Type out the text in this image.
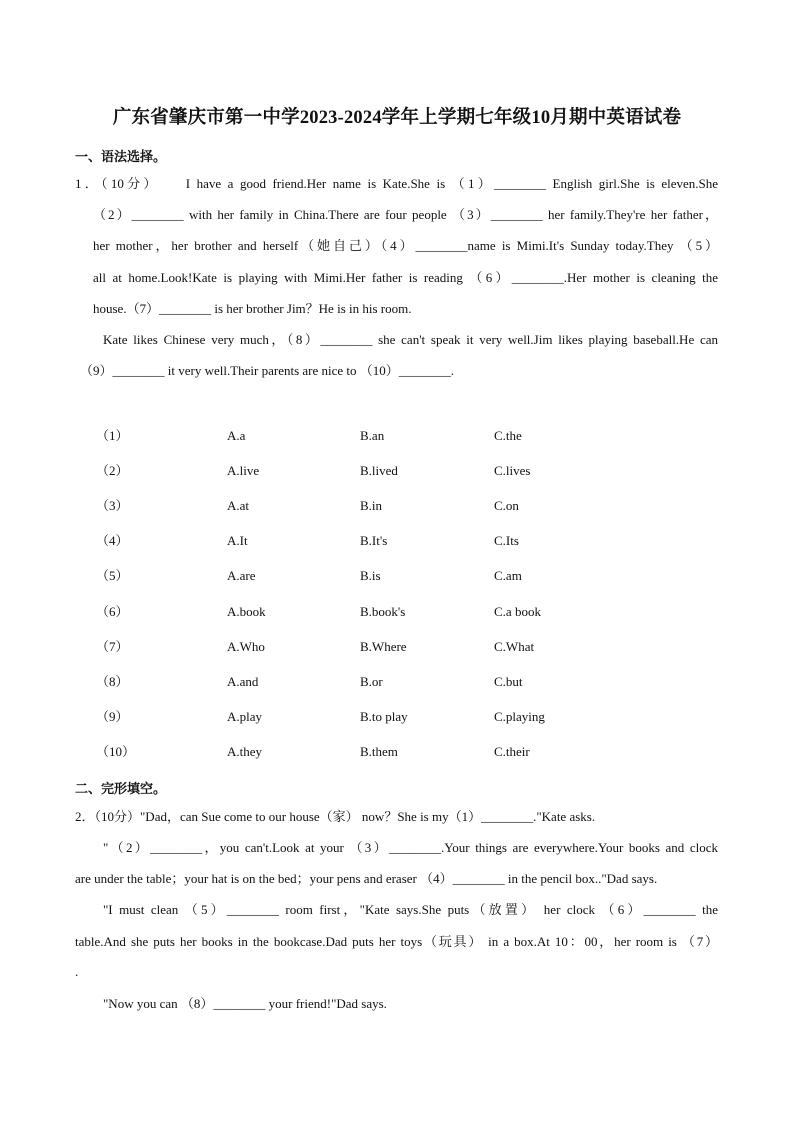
广东省肇庆市第一中学2023-2024学年上学期七年级10月期中英语试卷
一、语法选择。
1．（10分）　　I have a good friend.Her name is Kate.She is （1）________ English girl.She is eleven.She
（2）________ with her family in China.There are four people （3）________ her family.They're her father，
her mother，her brother and herself（她自己）（4）________name is Mimi.It's Sunday today.They （5）
all at home.Look!Kate is playing with Mimi.Her father is reading （6）________.Her mother is cleaning the
house.（7）________ is her brother Jim？He is in his room.
Kate likes Chinese very much，（8）________ she can't speak it very well.Jim likes playing baseball.He can
（9）________ it very well.Their parents are nice to （10）________.
（1）	A.a	B.an	C.the
（2）	A.live	B.lived	C.lives
（3）	A.at	B.in	C.on
（4）	A.It	B.It's	C.Its
（5）	A.are	B.is	C.am
（6）	A.book	B.book's	C.a book
（7）	A.Who	B.Where	C.What
（8）	A.and	B.or	C.but
（9）	A.play	B.to play	C.playing
（10）	A.they	B.them	C.their
二、完形填空。
2．（10分）"Dad，can Sue come to our house（家） now？She is my（1）________."Kate asks.
"（2）________，you can't.Look at your （3）________.Your things are everywhere.Your books and clock
are under the table；your hat is on the bed；your pens and eraser （4）________ in the pencil box.."Dad says.
"I must clean （5）________ room first，"Kate says.She puts（放置） her clock （6）________ the
table.And she puts her books in the bookcase.Dad puts her toys（玩具） in a box.At 10：00，her room is （7）
.
"Now you can （8）________ your friend!"Dad says.
